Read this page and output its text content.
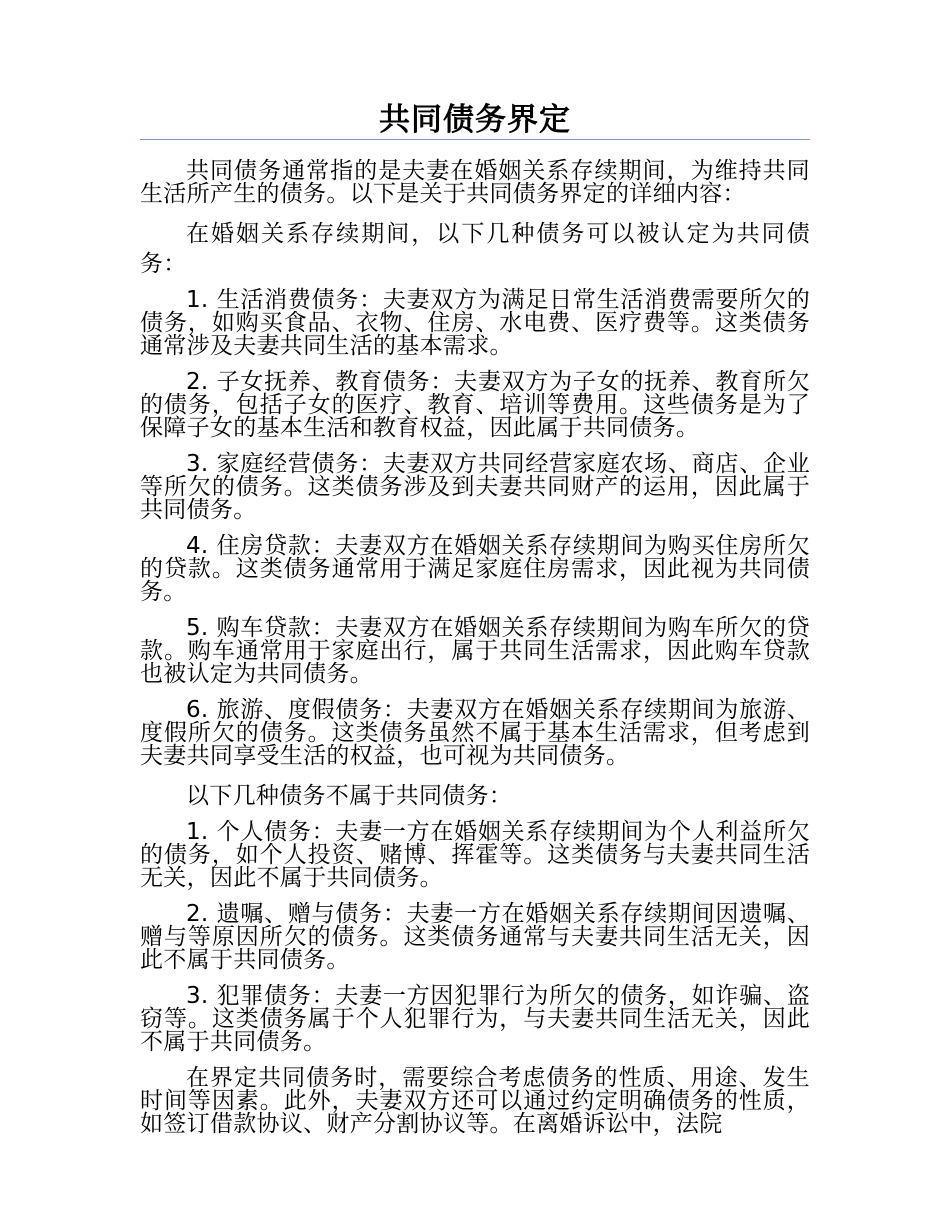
共同债务界定

共同债务通常指的是夫妻在婚姻关系存续期间，为维持共同生活所产生的债务。以下是关于共同债务界定的详细内容：

在婚姻关系存续期间，以下几种债务可以被认定为共同债务：

1. 生活消费债务：夫妻双方为满足日常生活消费需要所欠的债务，如购买食品、衣物、住房、水电费、医疗费等。这类债务通常涉及夫妻共同生活的基本需求。

2. 子女抚养、教育债务：夫妻双方为子女的抚养、教育所欠的债务，包括子女的医疗、教育、培训等费用。这些债务是为了保障子女的基本生活和教育权益，因此属于共同债务。

3. 家庭经营债务：夫妻双方共同经营家庭农场、商店、企业等所欠的债务。这类债务涉及到夫妻共同财产的运用，因此属于共同债务。

4. 住房贷款：夫妻双方在婚姻关系存续期间为购买住房所欠的贷款。这类债务通常用于满足家庭住房需求，因此视为共同债务。

5. 购车贷款：夫妻双方在婚姻关系存续期间为购车所欠的贷款。购车通常用于家庭出行，属于共同生活需求，因此购车贷款也被认定为共同债务。

6. 旅游、度假债务：夫妻双方在婚姻关系存续期间为旅游、度假所欠的债务。这类债务虽然不属于基本生活需求，但考虑到夫妻共同享受生活的权益，也可视为共同债务。

以下几种债务不属于共同债务：

1. 个人债务：夫妻一方在婚姻关系存续期间为个人利益所欠的债务，如个人投资、赌博、挥霍等。这类债务与夫妻共同生活无关，因此不属于共同债务。

2. 遗嘱、赠与债务：夫妻一方在婚姻关系存续期间因遗嘱、赠与等原因所欠的债务。这类债务通常与夫妻共同生活无关，因此不属于共同债务。

3. 犯罪债务：夫妻一方因犯罪行为所欠的债务，如诈骗、盗窃等。这类债务属于个人犯罪行为，与夫妻共同生活无关，因此不属于共同债务。

在界定共同债务时，需要综合考虑债务的性质、用途、发生时间等因素。此外，夫妻双方还可以通过约定明确债务的性质，如签订借款协议、财产分割协议等。在离婚诉讼中，法院
